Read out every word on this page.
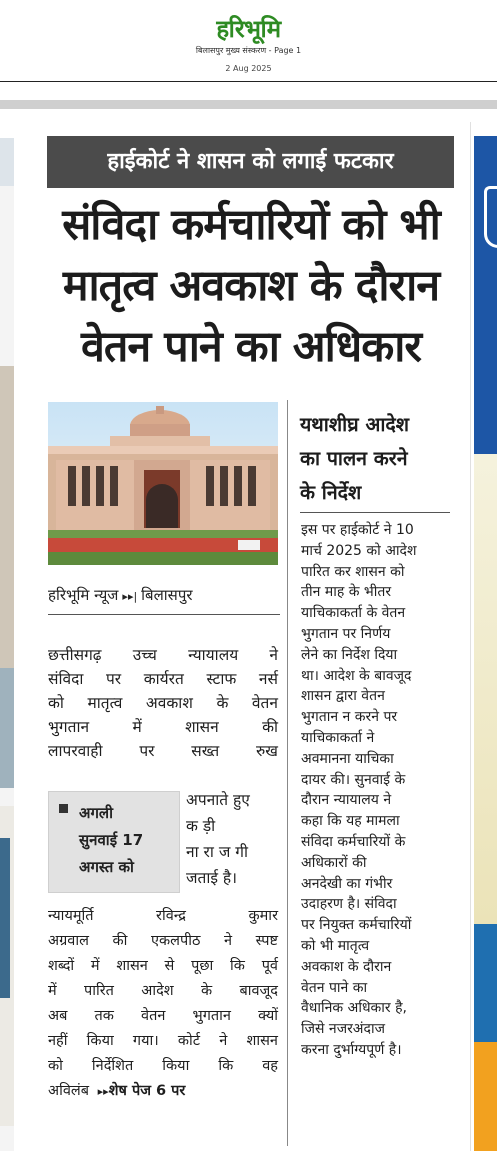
हरिभूमि
बिलासपुर मुख्य संस्करण - Page 1
2 Aug 2025
हाईकोर्ट ने शासन को लगाई फटकार
संविदा कर्मचारियों को भी
मातृत्व अवकाश के दौरान
वेतन पाने का अधिकार
हरिभूमि न्यूज ▸▸| बिलासपुर
छत्तीसगढ़ उच्च न्यायालय ने
संविदा पर कार्यरत स्टाफ नर्स
को मातृत्व अवकाश के वेतन
भुगतान में शासन की
लापरवाही पर सख्त रुख
अपनाते हुए
क ड़ी
ना रा ज गी
जताई है।
अगली
सुनवाई 17
अगस्त को
न्यायमूर्ति रविन्द्र कुमार
अग्रवाल की एकलपीठ ने स्पष्ट
शब्दों में शासन से पूछा कि पूर्व
में पारित आदेश के बावजूद
अब तक वेतन भुगतान क्यों
नहीं किया गया। कोर्ट ने शासन
को निर्देशित किया कि वह
अविलंब ▸▸शेष पेज 6 पर
यथाशीघ्र आदेश
का पालन करने
के निर्देश
इस पर हाईकोर्ट ने 10
मार्च 2025 को आदेश
पारित कर शासन को
तीन माह के भीतर
याचिकाकर्ता के वेतन
भुगतान पर निर्णय
लेने का निर्देश दिया
था। आदेश के बावजूद
शासन द्वारा वेतन
भुगतान न करने पर
याचिकाकर्ता ने
अवमानना याचिका
दायर की। सुनवाई के
दौरान न्यायालय ने
कहा कि यह मामला
संविदा कर्मचारियों के
अधिकारों की
अनदेखी का गंभीर
उदाहरण है। संविदा
पर नियुक्त कर्मचारियों
को भी मातृत्व
अवकाश के दौरान
वेतन पाने का
वैधानिक अधिकार है,
जिसे नजरअंदाज
करना दुर्भाग्यपूर्ण है।
